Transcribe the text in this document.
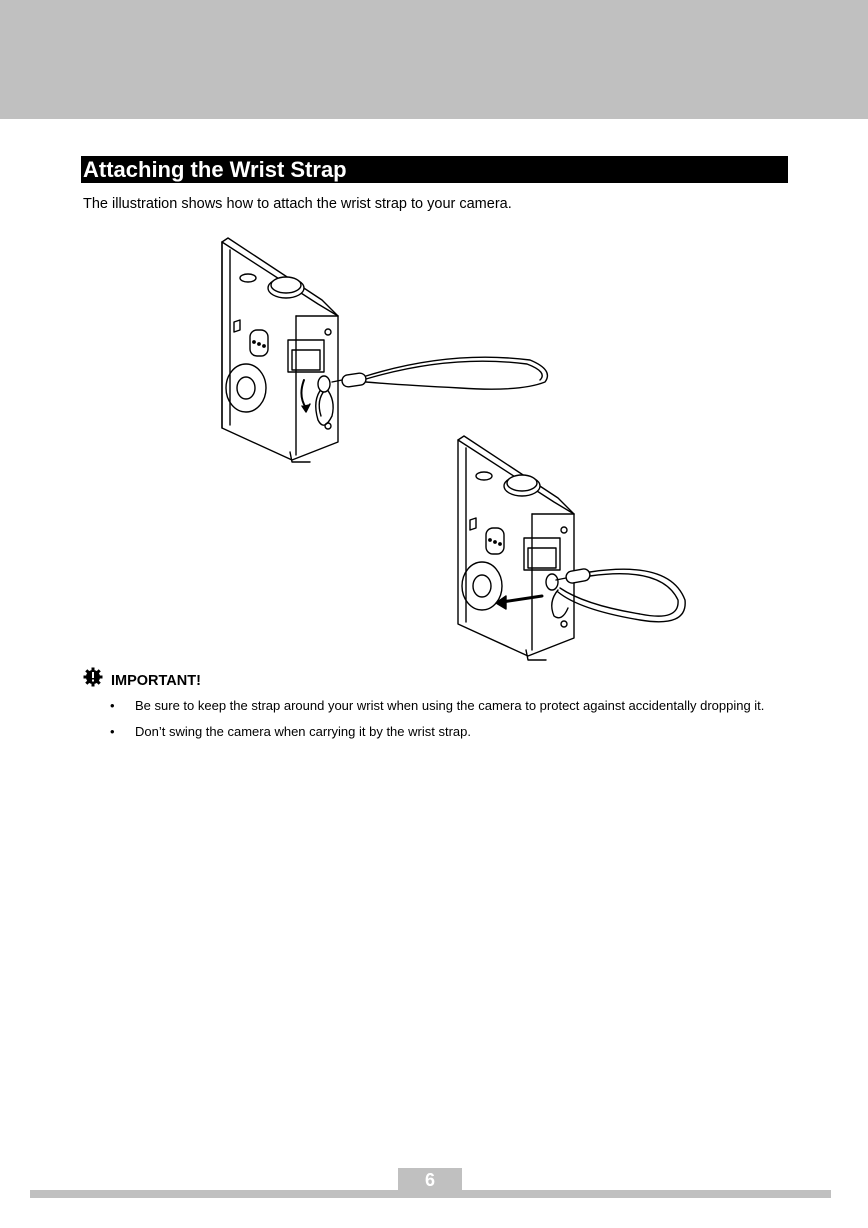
Attaching the Wrist Strap
The illustration shows how to attach the wrist strap to your camera.
IMPORTANT!
• Be sure to keep the strap around your wrist when using the camera to protect against accidentally dropping it.
• Don’t swing the camera when carrying it by the wrist strap.
6
